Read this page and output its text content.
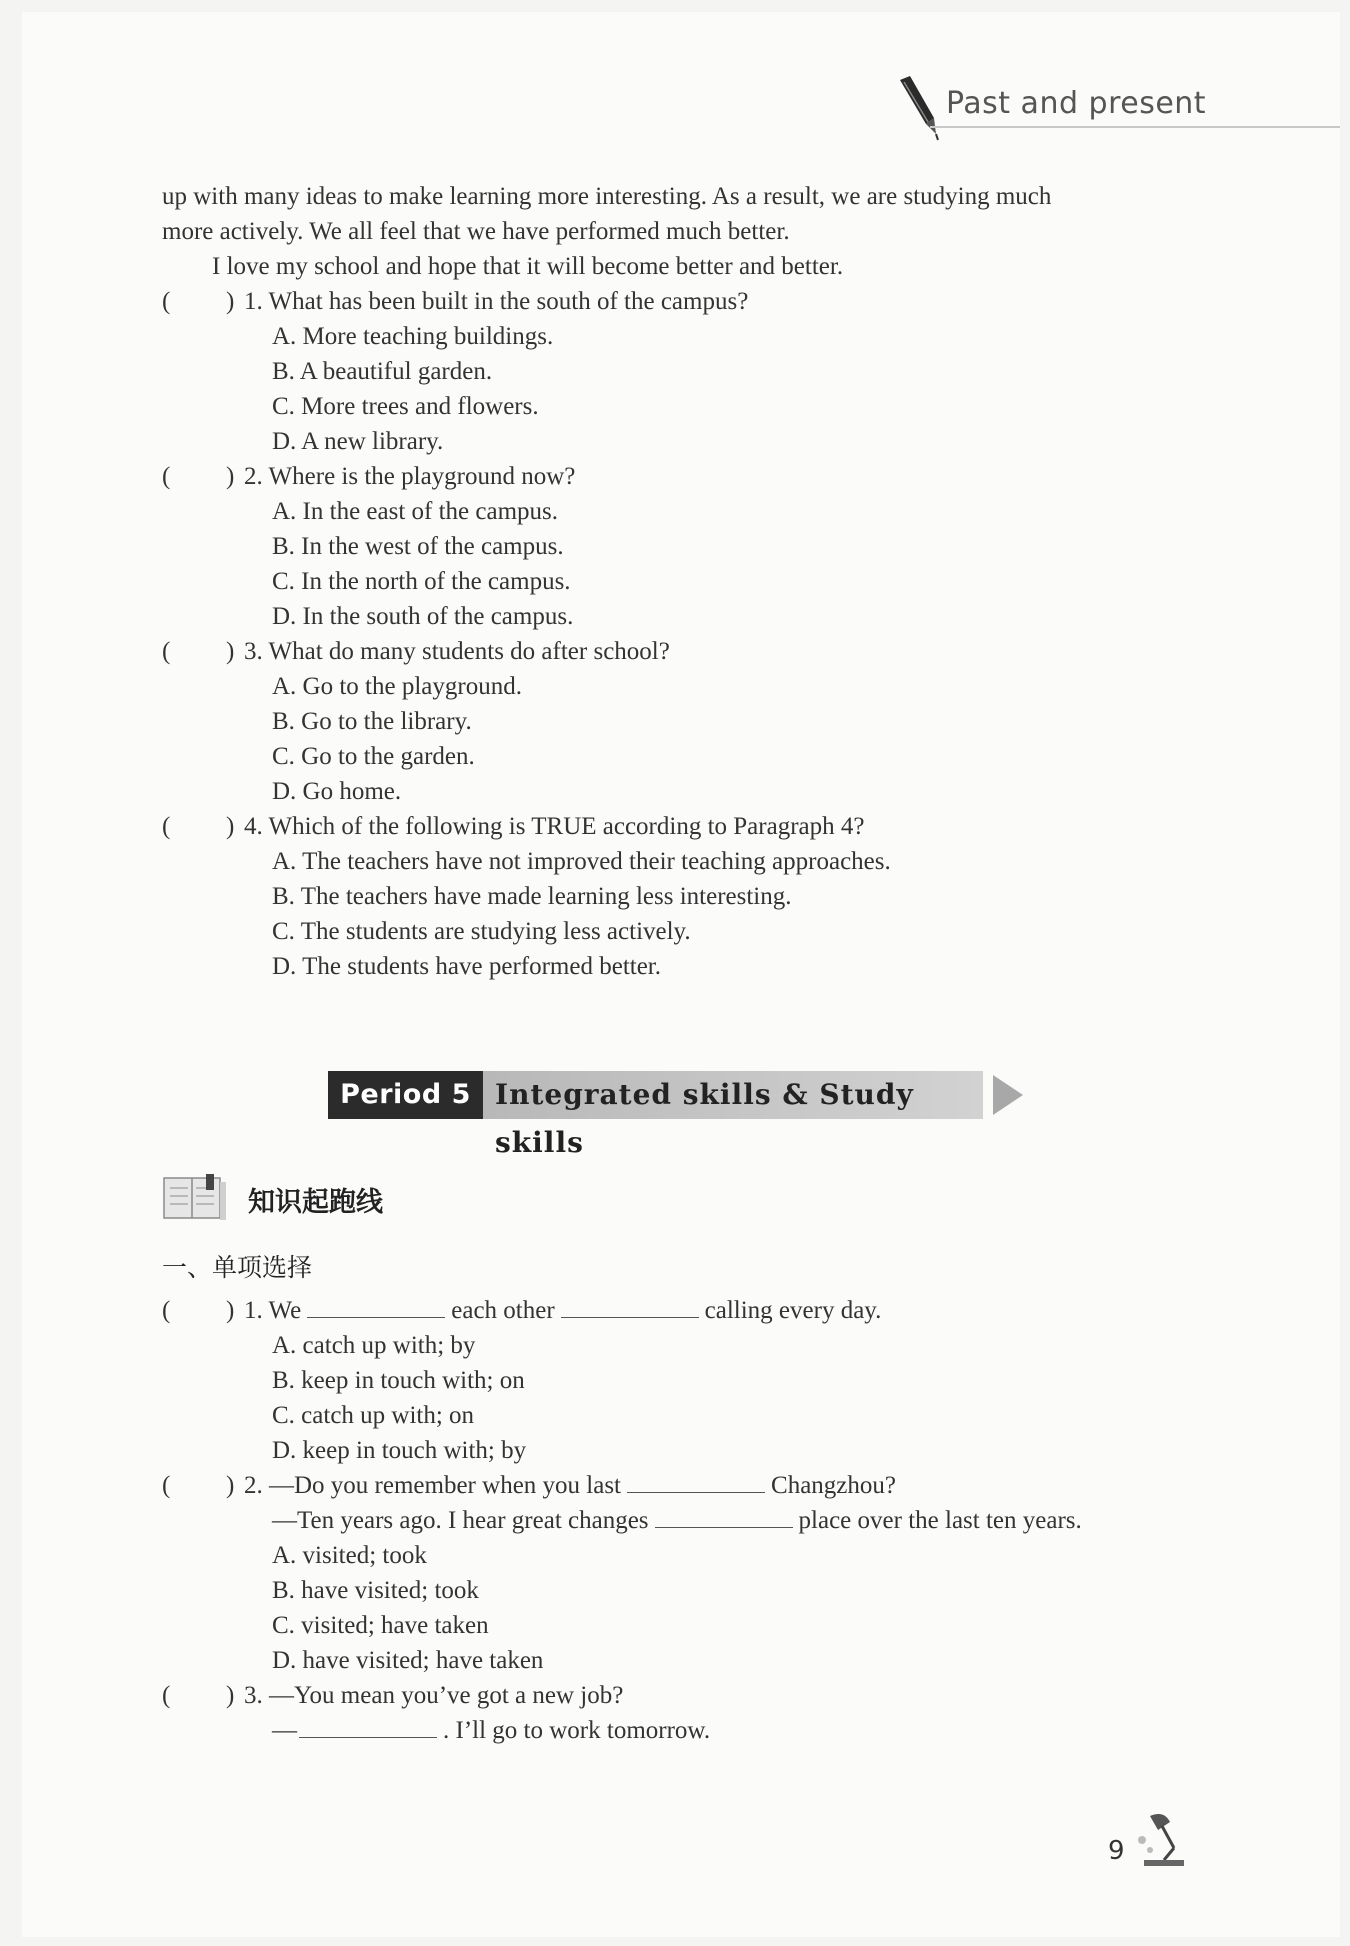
Past and present
up with many ideas to make learning more interesting. As a result, we are studying much
more actively. We all feel that we have performed much better.
I love my school and hope that it will become better and better.
( ) 1. What has been built in the south of the campus?
A. More teaching buildings.
B. A beautiful garden.
C. More trees and flowers.
D. A new library.
( ) 2. Where is the playground now?
A. In the east of the campus.
B. In the west of the campus.
C. In the north of the campus.
D. In the south of the campus.
( ) 3. What do many students do after school?
A. Go to the playground.
B. Go to the library.
C. Go to the garden.
D. Go home.
( ) 4. Which of the following is TRUE according to Paragraph 4?
A. The teachers have not improved their teaching approaches.
B. The teachers have made learning less interesting.
C. The students are studying less actively.
D. The students have performed better.
Period 5 Integrated skills & Study skills
知识起跑线
一、单项选择
( ) 1. We	each other	calling every day.
A. catch up with; by
B. keep in touch with; on
C. catch up with; on
D. keep in touch with; by
( ) 2. —Do you remember when you last	Changzhou?
—Ten years ago. I hear great changes	place over the last ten years.
A. visited; took
B. have visited; took
C. visited; have taken
D. have visited; have taken
( ) 3. —You mean you’ve got a new job?
—	. I’ll go to work tomorrow.
9
